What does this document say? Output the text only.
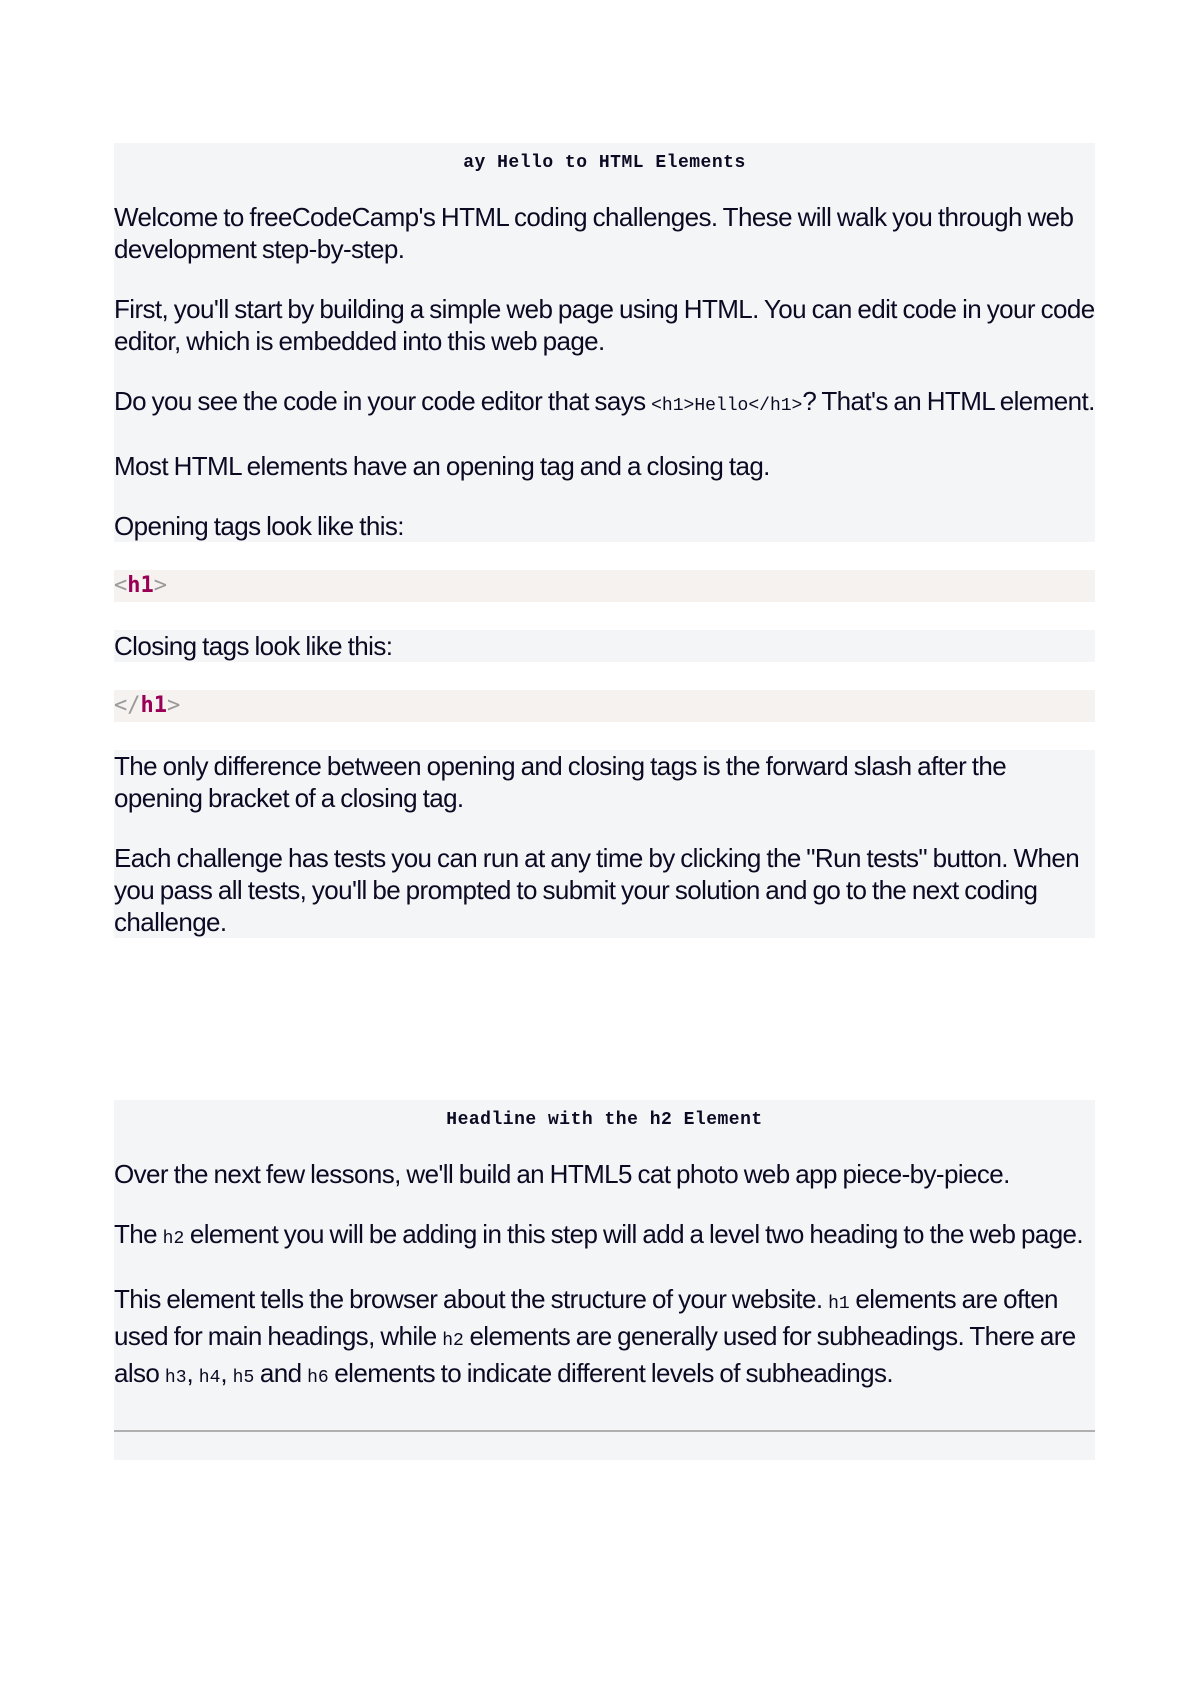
ay Hello to HTML Elements

Welcome to freeCodeCamp's HTML coding challenges. These will walk you through web development step-by-step.

First, you'll start by building a simple web page using HTML. You can edit code in your code editor, which is embedded into this web page.

Do you see the code in your code editor that says <h1>Hello</h1>? That's an HTML element.

Most HTML elements have an opening tag and a closing tag.

Opening tags look like this:

<h1>

Closing tags look like this:

</h1>

The only difference between opening and closing tags is the forward slash after the opening bracket of a closing tag.

Each challenge has tests you can run at any time by clicking the "Run tests" button. When you pass all tests, you'll be prompted to submit your solution and go to the next coding challenge.

Headline with the h2 Element

Over the next few lessons, we'll build an HTML5 cat photo web app piece-by-piece.

The h2 element you will be adding in this step will add a level two heading to the web page.

This element tells the browser about the structure of your website. h1 elements are often used for main headings, while h2 elements are generally used for subheadings. There are also h3, h4, h5 and h6 elements to indicate different levels of subheadings.
